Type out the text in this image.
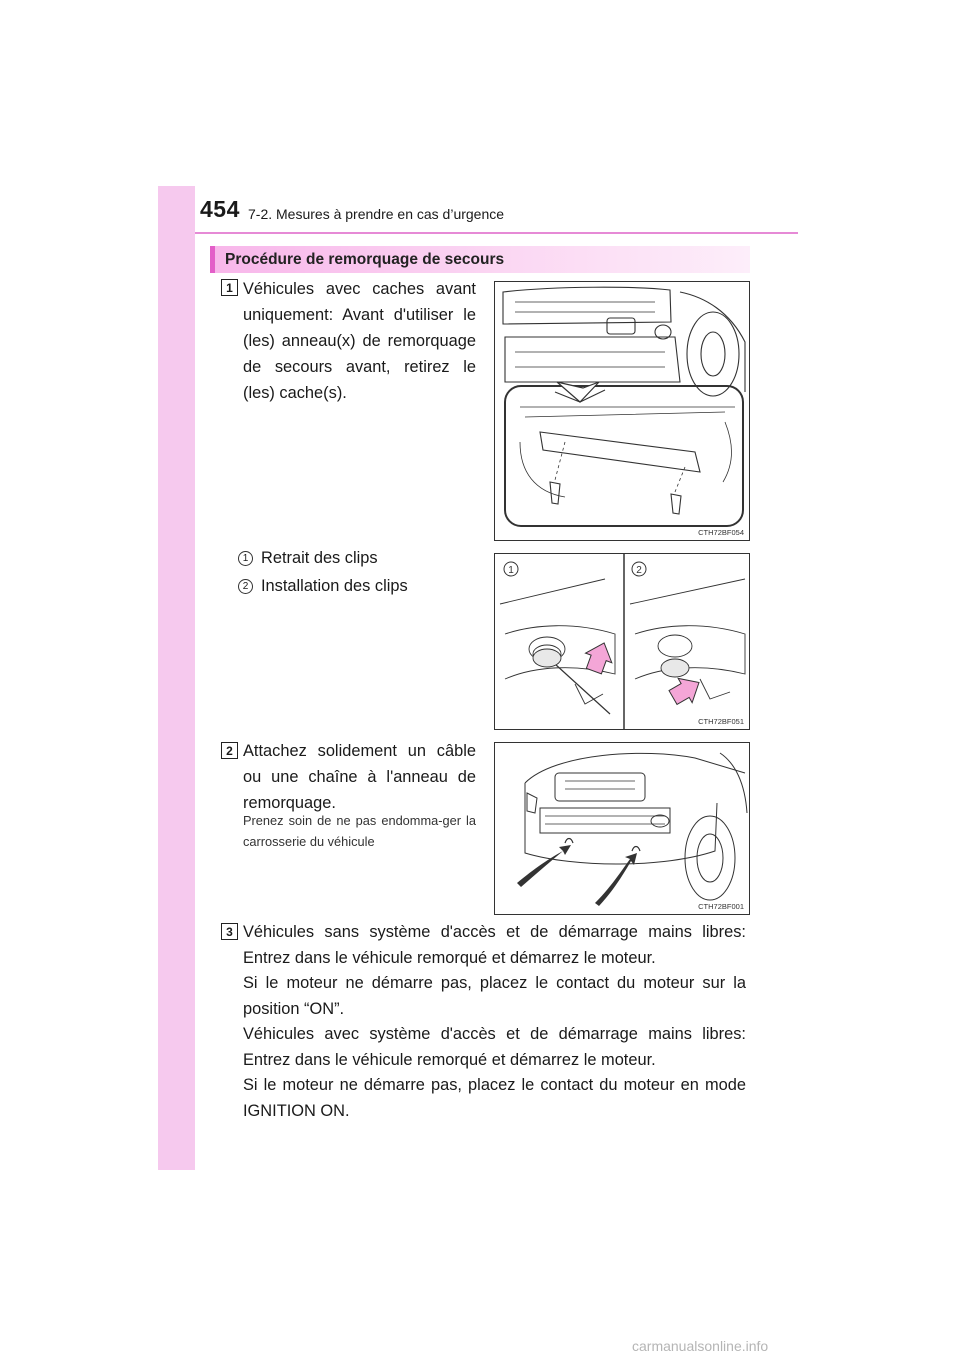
454 7-2. Mesures à prendre en cas d’urgence
Procédure de remorquage de secours
1 Véhicules avec caches avant uniquement: Avant d'utiliser le (les) anneau(x) de remorquage de secours avant, retirez le (les) cache(s).

CTH72BF054
1 Retrait des clips
2 Installation des clips
1	2
CTH72BF051
2 Attachez solidement un câble ou une chaîne à l'anneau de remorquage.

Prenez soin de ne pas endomma-ger la carrosserie du véhicule

CTH72BF001
3 Véhicules sans système d'accès et de démarrage mains libres: Entrez dans le véhicule remorqué et démarrez le moteur.

Si le moteur ne démarre pas, placez le contact du moteur sur la position “ON”.

Véhicules avec système d'accès et de démarrage mains libres: Entrez dans le véhicule remorqué et démarrez le moteur.

Si le moteur ne démarre pas, placez le contact du moteur en mode IGNITION ON.

carmanualsonline.info
